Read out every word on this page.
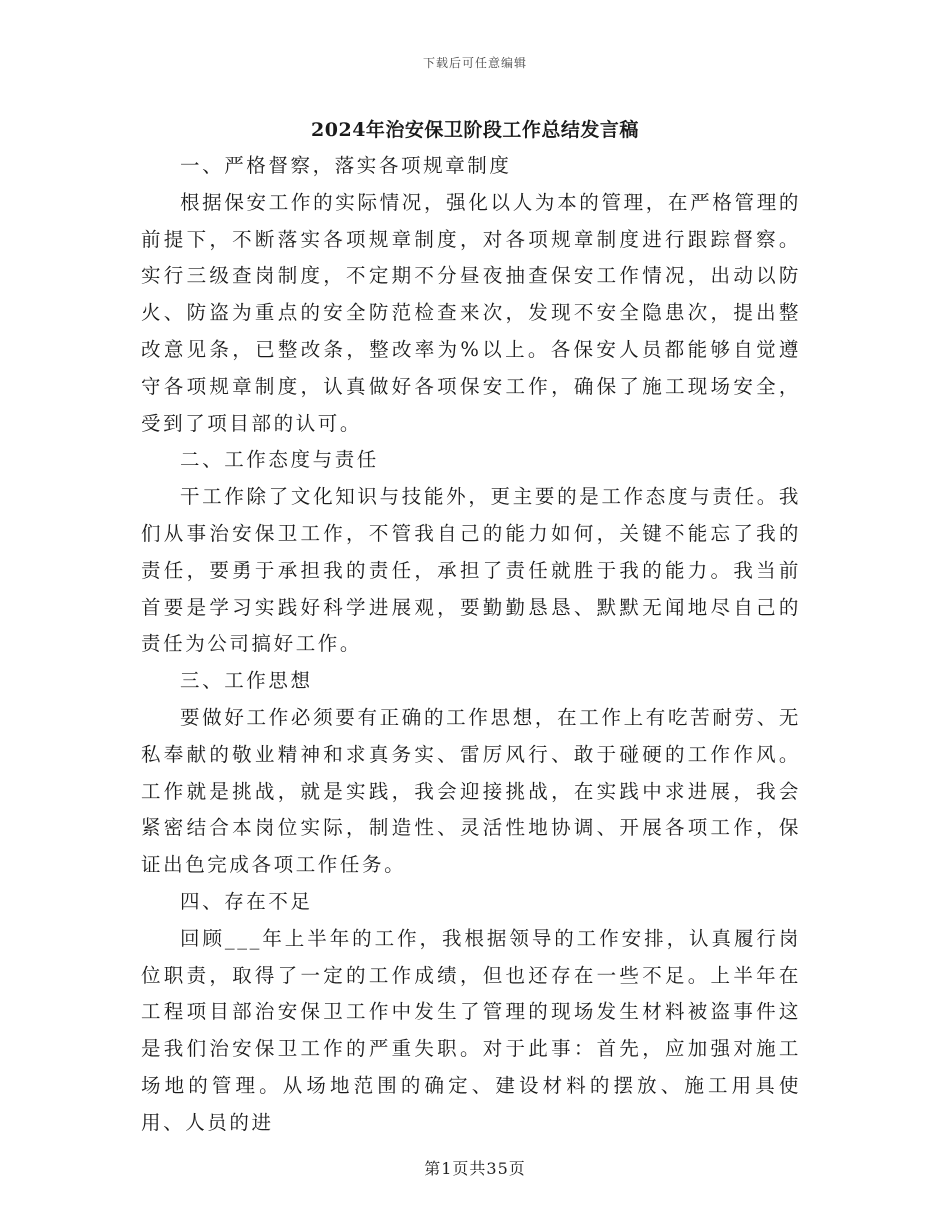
下载后可任意编辑
2024年治安保卫阶段工作总结发言稿

一、严格督察，落实各项规章制度

根据保安工作的实际情况，强化以人为本的管理，在严格管理的前提下，不断落实各项规章制度，对各项规章制度进行跟踪督察。实行三级查岗制度，不定期不分昼夜抽查保安工作情况，出动以防火、防盗为重点的安全防范检查来次，发现不安全隐患次，提出整改意见条，已整改条，整改率为%以上。各保安人员都能够自觉遵守各项规章制度，认真做好各项保安工作，确保了施工现场安全，受到了项目部的认可。

二、工作态度与责任

干工作除了文化知识与技能外，更主要的是工作态度与责任。我们从事治安保卫工作，不管我自己的能力如何，关键不能忘了我的责任，要勇于承担我的责任，承担了责任就胜于我的能力。我当前首要是学习实践好科学进展观，要勤勤恳恳、默默无闻地尽自己的责任为公司搞好工作。

三、工作思想

要做好工作必须要有正确的工作思想，在工作上有吃苦耐劳、无私奉献的敬业精神和求真务实、雷厉风行、敢于碰硬的工作作风。工作就是挑战，就是实践，我会迎接挑战，在实践中求进展，我会紧密结合本岗位实际，制造性、灵活性地协调、开展各项工作，保证出色完成各项工作任务。

四、存在不足

回顾___年上半年的工作，我根据领导的工作安排，认真履行岗位职责，取得了一定的工作成绩，但也还存在一些不足。上半年在工程项目部治安保卫工作中发生了管理的现场发生材料被盗事件这是我们治安保卫工作的严重失职。对于此事：首先，应加强对施工场地的管理。从场地范围的确定、建设材料的摆放、施工用具使用、人员的进

第1页共35页
